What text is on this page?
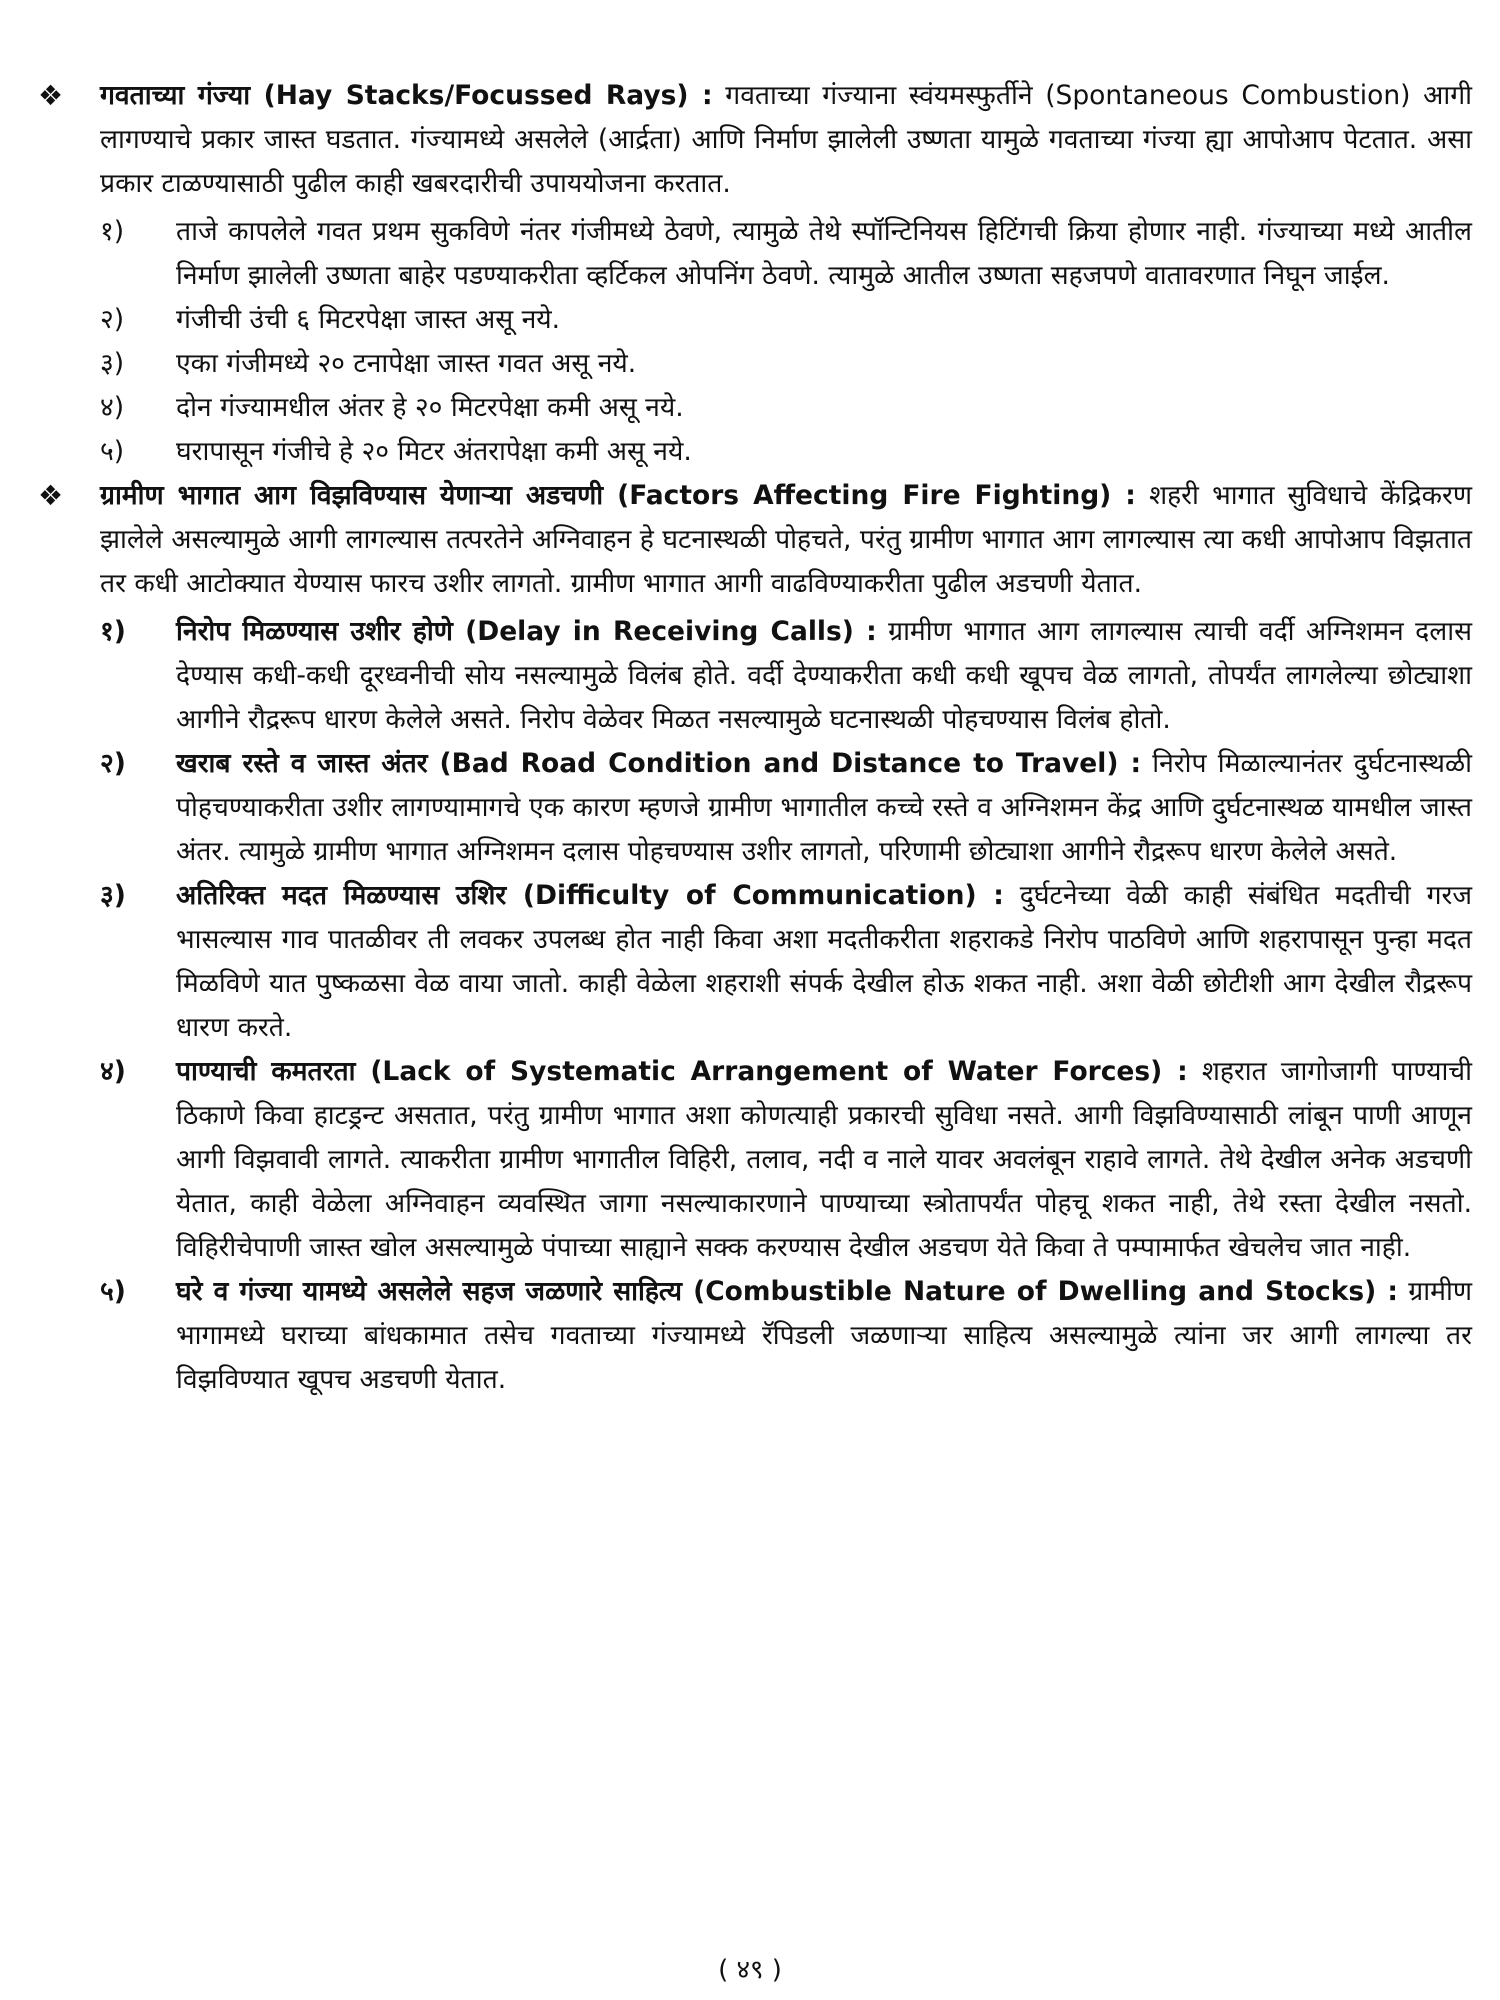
❖ गवताच्या गंज्या (Hay Stacks/Focussed Rays) : गवताच्या गंज्याना स्वंयमस्फुर्तीने (Spontaneous Combustion) आगी लागण्याचे प्रकार जास्त घडतात. गंज्यामध्ये असलेले (आर्द्रता) आणि निर्माण झालेली उष्णता यामुळे गवताच्या गंज्या ह्या आपोआप पेटतात. असा प्रकार टाळण्यासाठी पुढील काही खबरदारीची उपाययोजना करतात.

१) ताजे कापलेले गवत प्रथम सुकविणे नंतर गंजीमध्ये ठेवणे, त्यामुळे तेथे स्पॉन्टिनियस हिटिंगची क्रिया होणार नाही. गंज्याच्या मध्ये आतील निर्माण झालेली उष्णता बाहेर पडण्याकरीता व्हर्टिकल ओपनिंग ठेवणे. त्यामुळे आतील उष्णता सहजपणे वातावरणात निघून जाईल.

२) गंजीची उंची ६ मिटरपेक्षा जास्त असू नये.

३) एका गंजीमध्ये २० टनापेक्षा जास्त गवत असू नये.

४) दोन गंज्यामधील अंतर हे २० मिटरपेक्षा कमी असू नये.

५) घरापासून गंजीचे हे २० मिटर अंतरापेक्षा कमी असू नये.

❖ ग्रामीण भागात आग विझविण्यास येणाऱ्या अडचणी (Factors Affecting Fire Fighting) : शहरी भागात सुविधाचे केंद्रिकरण झालेले असल्यामुळे आगी लागल्यास तत्परतेने अग्निवाहन हे घटनास्थळी पोहचते, परंतु ग्रामीण भागात आग लागल्यास त्या कधी आपोआप विझतात तर कधी आटोक्यात येण्यास फारच उशीर लागतो. ग्रामीण भागात आगी वाढविण्याकरीता पुढील अडचणी येतात.

१) निरोप मिळण्यास उशीर होणे (Delay in Receiving Calls) : ग्रामीण भागात आग लागल्यास त्याची वर्दी अग्निशमन दलास देण्यास कधी-कधी दूरध्वनीची सोय नसल्यामुळे विलंब होते. वर्दी देण्याकरीता कधी कधी खूपच वेळ लागतो, तोपर्यंत लागलेल्या छोट्याशा आगीने रौद्ररूप धारण केलेले असते. निरोप वेळेवर मिळत नसल्यामुळे घटनास्थळी पोहचण्यास विलंब होतो.

२) खराब रस्ते व जास्त अंतर (Bad Road Condition and Distance to Travel) : निरोप मिळाल्यानंतर दुर्घटनास्थळी पोहचण्याकरीता उशीर लागण्यामागचे एक कारण म्हणजे ग्रामीण भागातील कच्चे रस्ते व अग्निशमन केंद्र आणि दुर्घटनास्थळ यामधील जास्त अंतर. त्यामुळे ग्रामीण भागात अग्निशमन दलास पोहचण्यास उशीर लागतो, परिणामी छोट्याशा आगीने रौद्ररूप धारण केलेले असते.

३) अतिरिक्त मदत मिळण्यास उशिर (Difficulty of Communication) : दुर्घटनेच्या वेळी काही संबंधित मदतीची गरज भासल्यास गाव पातळीवर ती लवकर उपलब्ध होत नाही किवा अशा मदतीकरीता शहराकडे निरोप पाठविणे आणि शहरापासून पुन्हा मदत मिळविणे यात पुष्कळसा वेळ वाया जातो. काही वेळेला शहराशी संपर्क देखील होऊ शकत नाही. अशा वेळी छोटीशी आग देखील रौद्ररूप धारण करते.

४) पाण्याची कमतरता (Lack of Systematic Arrangement of Water Forces) : शहरात जागोजागी पाण्याची ठिकाणे किवा हाटड्रन्ट असतात, परंतु ग्रामीण भागात अशा कोणत्याही प्रकारची सुविधा नसते. आगी विझविण्यासाठी लांबून पाणी आणून आगी विझवावी लागते. त्याकरीता ग्रामीण भागातील विहिरी, तलाव, नदी व नाले यावर अवलंबून राहावे लागते. तेथे देखील अनेक अडचणी येतात, काही वेळेला अग्निवाहन व्यवस्थित जागा नसल्याकारणाने पाण्याच्या स्त्रोतापर्यंत पोहचू शकत नाही, तेथे रस्ता देखील नसतो. विहिरीचेपाणी जास्त खोल असल्यामुळे पंपाच्या साह्याने सक्क करण्यास देखील अडचण येते किवा ते पम्पामार्फत खेचलेच जात नाही.

५) घरे व गंज्या यामध्ये असलेले सहज जळणारे साहित्य (Combustible Nature of Dwelling and Stocks) : ग्रामीण भागामध्ये घराच्या बांधकामात तसेच गवताच्या गंज्यामध्ये रॅपिडली जळणाऱ्या साहित्य असल्यामुळे त्यांना जर आगी लागल्या तर विझविण्यात खूपच अडचणी येतात.

( ४९ )
